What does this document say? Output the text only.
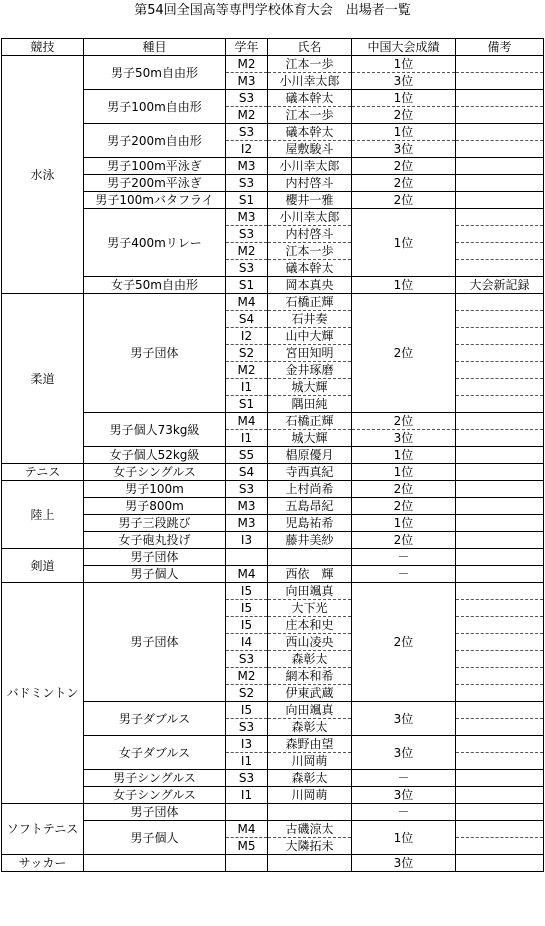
第54回全国高等専門学校体育大会　出場者一覧
競技	種目	学年	氏名	中国大会成績	備考
水泳	男子50m自由形	M2	江本一歩	1位	
		M3	小川幸太郎	3位	
	男子100m自由形	S3	礒本幹太	1位	
		M2	江本一歩	2位	
	男子200m自由形	S3	礒本幹太	1位	
		I2	屋敷駿斗	3位	
	男子100m平泳ぎ	M3	小川幸太郎	2位	
	男子200m平泳ぎ	S3	内村啓斗	2位	
	男子100mバタフライ	S1	櫻井一雅	2位	
	男子400mリレー	M3	小川幸太郎	1位	
		S3	内村啓斗		
		M2	江本一歩		
		S3	礒本幹太		
	女子50m自由形	S1	岡本真央	1位	大会新記録
柔道	男子団体	M4	石橋正輝	2位	
		S4	石井奏		
		I2	山中大輝		
		S2	宮田知明		
		M2	金井琢磨		
		I1	城大輝		
		S1	隅田純		
	男子個人73kg級	M4	石橋正輝	2位	
		I1	城大輝	3位	
	女子個人52kg級	S5	椙原優月	1位	
テニス	女子シングルス	S4	寺西真紀	1位	
陸上	男子100m	S3	上村尚希	2位	
	男子800m	M3	五島昂紀	2位	
	男子三段跳び	M3	児島祐希	1位	
	女子砲丸投げ	I3	藤井美紗	2位	
剣道	男子団体			－	
	男子個人	M4	西依　輝	－	
バドミントン	男子団体	I5	向田颯真	2位	
		I5	大下光		
		I5	庄本和史		
		I4	西山凌央		
		S3	森彰太		
		M2	網本和希		
		S2	伊東武蔵		
	男子ダブルス	I5	向田颯真	3位	
		S3	森彰太		
	女子ダブルス	I3	森野由望	3位	
		I1	川岡萌		
	男子シングルス	S3	森彰太	－	
	女子シングルス	I1	川岡萌	3位	
ソフトテニス	男子団体			－	
	男子個人	M4	古磯涼太	1位	
		M5	大隣拓未		
サッカー				3位	
